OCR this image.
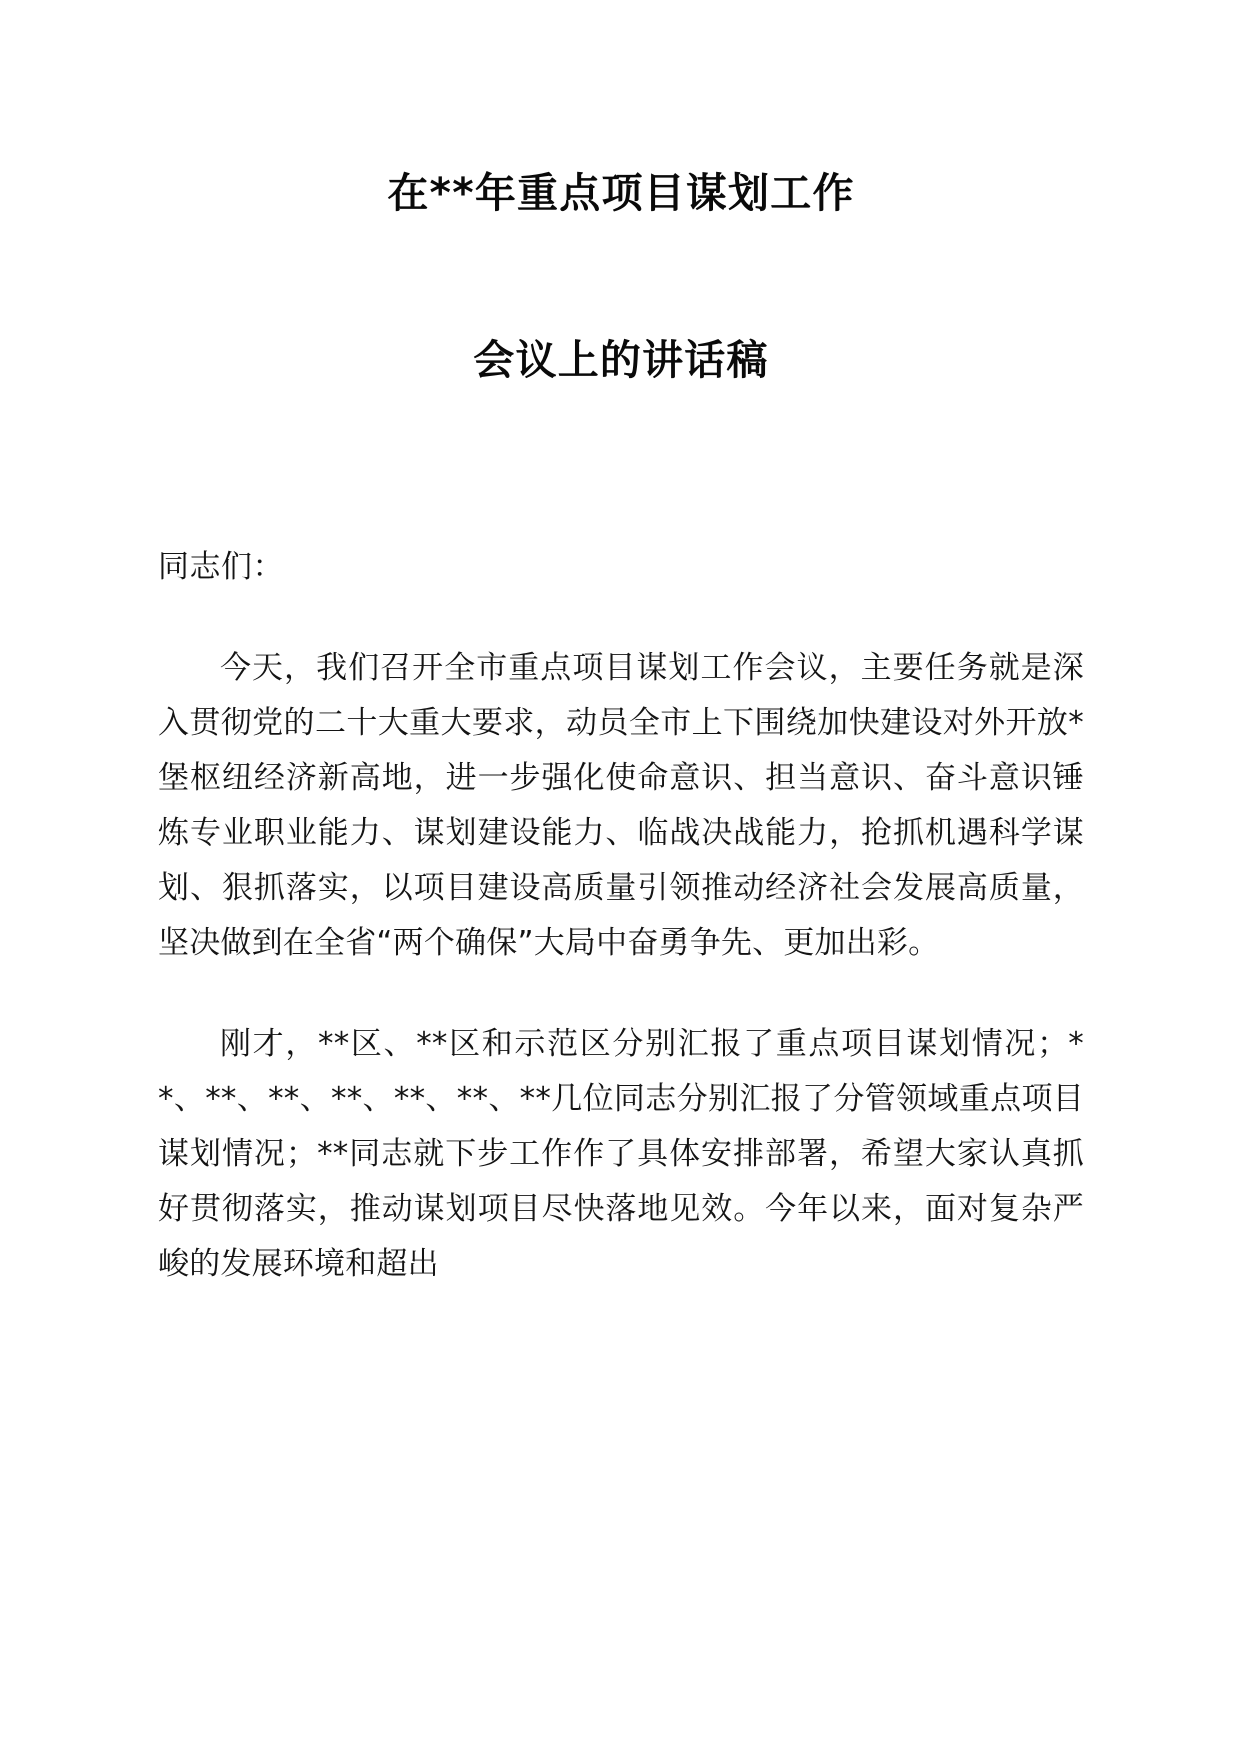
在**年重点项目谋划工作
会议上的讲话稿
同志们：

今天，我们召开全市重点项目谋划工作会议，主要任务就是深入贯彻党的二十大重大要求，动员全市上下围绕加快建设对外开放*堡枢纽经济新高地，进一步强化使命意识、担当意识、奋斗意识锤炼专业职业能力、谋划建设能力、临战决战能力，抢抓机遇科学谋划、狠抓落实，以项目建设高质量引领推动经济社会发展高质量，坚决做到在全省“两个确保”大局中奋勇争先、更加出彩。

刚才，**区、**区和示范区分别汇报了重点项目谋划情况；**、**、**、**、**、**、**几位同志分别汇报了分管领域重点项目谋划情况；**同志就下步工作作了具体安排部署，希望大家认真抓好贯彻落实，推动谋划项目尽快落地见效。今年以来，面对复杂严峻的发展环境和超出
